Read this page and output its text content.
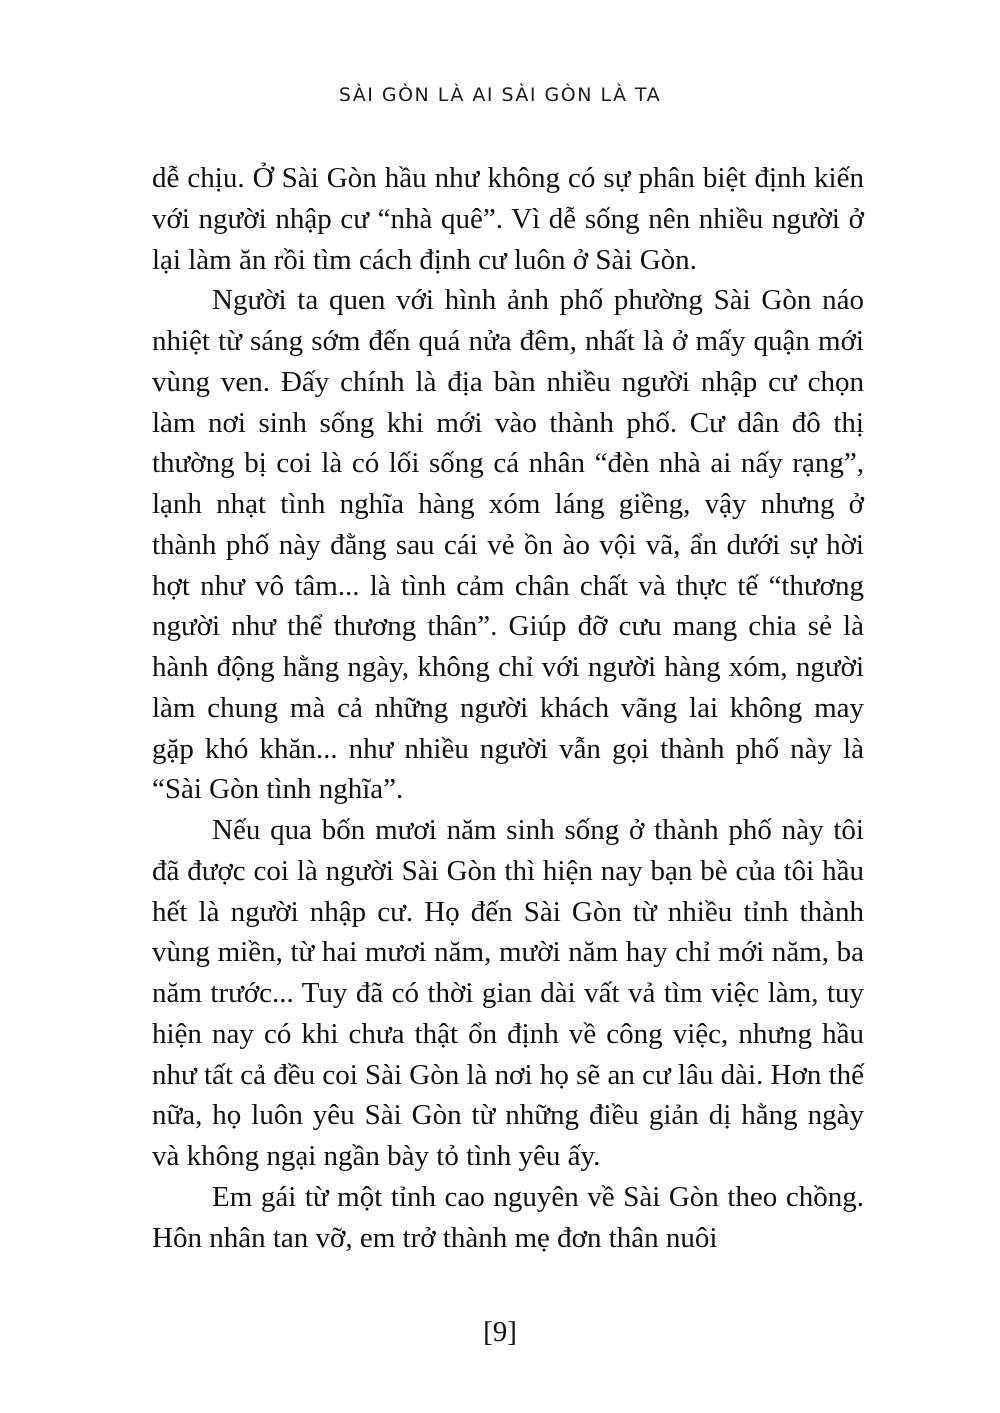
SÀI GÒN LÀ AI SÀI GÒN LÀ TA

dễ chịu. Ở Sài Gòn hầu như không có sự phân biệt định kiến với người nhập cư “nhà quê”. Vì dễ sống nên nhiều người ở lại làm ăn rồi tìm cách định cư luôn ở Sài Gòn.

Người ta quen với hình ảnh phố phường Sài Gòn náo nhiệt từ sáng sớm đến quá nửa đêm, nhất là ở mấy quận mới vùng ven. Đấy chính là địa bàn nhiều người nhập cư chọn làm nơi sinh sống khi mới vào thành phố. Cư dân đô thị thường bị coi là có lối sống cá nhân “đèn nhà ai nấy rạng”, lạnh nhạt tình nghĩa hàng xóm láng giềng, vậy nhưng ở thành phố này đằng sau cái vẻ ồn ào vội vã, ẩn dưới sự hời hợt như vô tâm... là tình cảm chân chất và thực tế “thương người như thể thương thân”. Giúp đỡ cưu mang chia sẻ là hành động hằng ngày, không chỉ với người hàng xóm, người làm chung mà cả những người khách vãng lai không may gặp khó khăn... như nhiều người vẫn gọi thành phố này là “Sài Gòn tình nghĩa”.

Nếu qua bốn mươi năm sinh sống ở thành phố này tôi đã được coi là người Sài Gòn thì hiện nay bạn bè của tôi hầu hết là người nhập cư. Họ đến Sài Gòn từ nhiều tỉnh thành vùng miền, từ hai mươi năm, mười năm hay chỉ mới năm, ba năm trước... Tuy đã có thời gian dài vất vả tìm việc làm, tuy hiện nay có khi chưa thật ổn định về công việc, nhưng hầu như tất cả đều coi Sài Gòn là nơi họ sẽ an cư lâu dài. Hơn thế nữa, họ luôn yêu Sài Gòn từ những điều giản dị hằng ngày và không ngại ngần bày tỏ tình yêu ấy.

Em gái từ một tỉnh cao nguyên về Sài Gòn theo chồng. Hôn nhân tan vỡ, em trở thành mẹ đơn thân nuôi

[9]
